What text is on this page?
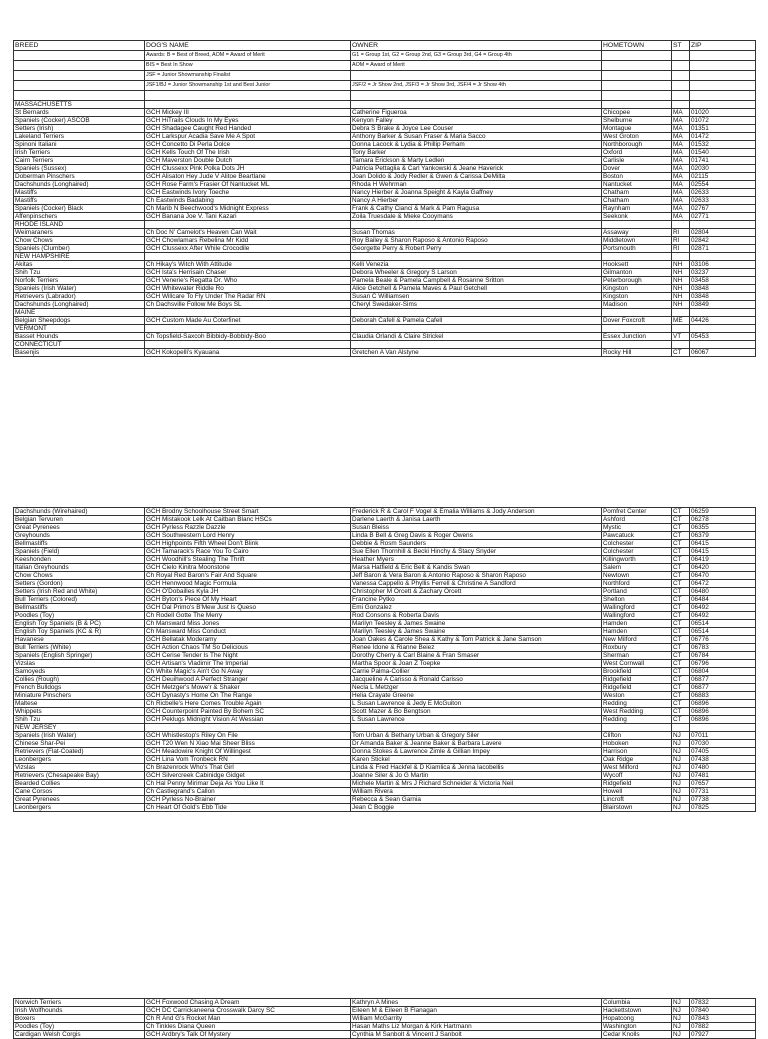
BREED	DOG'S NAME	OWNER	HOMETOWN	ST	ZIP
	Awards: B = Best of Breed, AOM = Award of Merit	G1 = Group 1st, G2 = Group 2nd, G3 = Group 3rd, G4 = Group 4th			
	BIS = Best In Show	AOM = Award of Merit			
	JSF = Junior Showmanship Finalist				
	JSF1/BJ = Junior Showmanship 1st and Best Junior	JSF/2 = Jr Show 2nd, JSF/3 = Jr Show 3rd, JSF/4 = Jr Show 4th			

MASSACHUSETTS					
St Bernards	GCH Mickey III	Catherine Figueroa	Chicopee	MA	01020
Spaniels (Cocker) ASCOB	GCH HiTrails Clouds In My Eyes	Kenyon Falley	Shelburne	MA	01072
Setters (Irish)	GCH Shadagee Caught Red Handed	Debra S Brake & Joyce Lee Couser	Montague	MA	01351
Lakeland Terriers	GCH Larkspur Acadia Save Me A Spot	Anthony Barker & Susan Fraser & Maria Sacco	West Groton	MA	01472
Spinoni Italiani	GCH Concetto Di Perla Dolce	Donna Lacock & Lydia & Phillip Perham	Northborough	MA	01532
Irish Terriers	GCH Kells Touch Of The Irish	Tony Barker	Oxford	MA	01540
Cairn Terriers	GCH Maverston Double Dutch	Tamara Erickson & Marty Ledlen	Carlisle	MA	01741
Spaniels (Sussex)	GCH Clussexx Pink Polka Dots JH	Patricia Pettaglia & Carl Yankowski & Jeane Haverick	Dover	MA	02030
Doberman Pinschers	GCH Alisaton Hey Jude V Alitoe Beartlane	Joan Dolido & Jody Redler & Gwen & Carissa DeMilta	Boston	MA	02115
Dachshunds (Longhaired)	GCH Rose Farm's Frasier Of Nantucket ML	Rhoda H Wehrman	Nantucket	MA	02554
Mastiffs	GCH Eastwinds Ivory Toeche	Nancy Hierber & Joanna Speight & Kayla Gaffney	Chatham	MA	02633
Mastiffs	Ch Eastwinds Badabing	Nancy A Hierber	Chatham	MA	02633
Spaniels (Cocker) Black	Ch Marib N Beechwood's Midnight Express	Frank & Cathy Cianci & Mark & Pam Ragusa	Raynham	MA	02767
Affenpinschers	GCH Banana Joe V. Tani Kazari	Zoila Truesdale & Mieke Cooymans	Seekonk	MA	02771
RHODE ISLAND					
Weimaraners	Ch Doc N' Camelot's Heaven Can Wait	Susan Thomas	Assaway	RI	02804
Chow Chows	GCH Chowlamars Rebelina Mr Kidd	Roy Bailey & Sharon Raposo & Antonio Raposo	Middletown	RI	02842
Spaniels (Clumber)	GCH Clussexx After While Crocodile	Georgette Perry & Robert Perry	Portsmouth	RI	02871
NEW HAMPSHIRE					
Akitas	Ch Hikay's Witch With Attitude	Kelli Venezia	Hooksett	NH	03106
Shih Tzu	GCH Ista's Herrisain Chaser	Debora Wheeler & Gregory S Larson	Gilmanton	NH	03237
Norfolk Terriers	GCH Venerie's Regatta Dr. Who	Pamela Beale & Pamela Campbell & Rosanne Sritton	Peterborough	NH	03458
Spaniels (Irish Water)	GCH Whitewater Riddle Ro	Alice Getchell & Pamela Maves & Paul Getchell	Kingston	NH	03848
Retrievers (Labrador)	GCH Willcare To Fly Under The Radar RN	Susan C Williamsen	Kingston	NH	03848
Dachshunds (Longhaired)	Ch Dachsville Follow Me Boys SL	Cheryl Swedaker-Sims	Madison	NH	03849
MAINE					
Belgian Sheepdogs	GCH Custom Made Au Coterfinet	Deborah Cafell & Pamela Cafell	Dover Foxcroft	ME	04426
VERMONT					
Basset Hounds	Ch Topsfield-Saxcoh Bibbidy-Bobbidy-Boo	Claudia Orlandi & Claire Strickel	Essex Junction	VT	05453
CONNECTICUT					
Basenjis	GCH Kokopelli's Kyauana	Gretchen A Van Alstyne	Rocky Hill	CT	06067
Dachshunds (Wirehaired)	GCH Brodny Schoolhouse Street Smart	Frederick R & Carol F Vogel & Emalia Williams & Jody Anderson	Pomfret Center	CT	06259
Belgian Tervuren	GCH Mistakook Lelk At Caitban Blanc HSCs	Darlene Laerth & Janisa Laerth	Ashford	CT	06278
Great Pyrenees	GCH Pyrless Razzle Dazzle	Susan Bleiss	Mystic	CT	06355
Greyhounds	GCH Southwestern Lord Henry	Linda B Bell & Greg Davis & Roger Owens	Pawcatuck	CT	06379
Bellmastiffs	GCH Highpoints Fifth Wheel Don't Blink	Debbie & Rosm Saunders	Colchester	CT	06415
Spaniels (Field)	GCH Tamarack's Race You To Cairo	Sue Ellen Thornhill & Becki Hinchy & Stacy Snyder	Colchester	CT	06415
Keeshonden	GCH Woodhill's Stealing The Thrift	Heather Myers	Killingworth	CT	06419
Italian Greyhounds	GCH Cielo Kinitra Moonstone	Marsa Hatfield & Eric Belt & Kandis Swan	Salem	CT	06420
Chow Chows	Ch Royal Red Baron's Fair And Square	Jeff Baron & Vera Baron & Antonio Raposo & Sharon Raposo	Newtown	CT	06470
Setters (Gordon)	GCH Hennwood Magic Formula	Vanessa Cappello & Phyllis Ferrell & Christine A Sandford	Northford	CT	06472
Setters (Irish Red and White)	GCH O'Dobailles Kyla JH	Christopher M Orcett & Zachary Orcett	Portland	CT	06480
Bull Terriers (Colored)	GCH Byton's Piece Of My Heart	Francine Pytko	Shelton	CT	06484
Bellmastiffs	GCH Dal Primo's B'Mew Just Is Queso	Emi Gonzalez	Wallingford	CT	06492
Poodles (Toy)	Ch Rodell Gotte The Merry	Rod Consons & Roberta Davis	Wallingford	CT	06492
English Toy Spaniels (B & PC)	Ch Mansward Miss Jones	Marilyn Teesley & James Swaine	Hamden	CT	06514
English Toy Spaniels (KC & R)	Ch Mansward Miss Conduct	Marilyn Teesley & James Swaine	Hamden	CT	06514
Havanese	GCH Bellatak Moderamy	Joan Oakes & Carole Shea & Kathy & Tom Patrick & Jane Samson	New Milford	CT	06776
Bull Terriers (White)	GCH Action Chaos TM So Delicious	Renee Idone & Rianne Beiez	Roxbury	CT	06783
Spaniels (English Springer)	GCH Cerise Tender Is The Night	Dorothy Cherry & Carl Blaine & Fran Smaser	Sherman	CT	06784
Vizslas	GCH Artisan's Vladimir The Imperial	Martha Spoor & Joan Z Toepke	West Cornwall	CT	06796
Samoyeds	Ch White Magic's Ain't Go N Away	Carrie Palma-Collier	Brookfield	CT	06804
Collies (Rough)	GCH Deuihwood A Perfect Stranger	Jacqueline A Carisso & Ronald Carisso	Ridgefield	CT	06877
French Bulldogs	GCH Metzger's Mowe'r & Shaker	Necla L Metzger	Ridgefield	CT	06877
Miniature Pinschers	GCH Dynasty's Home On The Range	Helia Crayate Greene	Weston	CT	06883
Maltese	Ch Ricbelle's Here Comes Trouble Again	L Susan Lawrence & Jedy E McGuiton	Redding	CT	06896
Whippets	GCH Counterpoint Painted By Bohem SC	Scott Mazer & Bo Bengtson	West Redding	CT	06896
Shih Tzu	GCH Peklugs Midnight Vision At Wessian	L Susan Lawrence	Redding	CT	06896
NEW JERSEY					
Spaniels (Irish Water)	GCH Whistlestop's Riley On File	Tom Urban & Bethany Urban & Gregory Siler	Clifton	NJ	07011
Chinese Shar-Pei	GCH T20 Wen N Xiao Mai Sheer Bliss	Dr Amanda Baker & Jeanne Baker & Barbara Lavere	Hoboken	NJ	07030
Retrievers (Flat-Coated)	GCH Meadowire Knight Of Willingest	Donna Stokes & Lawrence Zimle & Gillian Impey	Harrison	NJ	07405
Leonbergers	GCH Lina Vom Tronbeck RN	Karen Stickel	Oak Ridge	NJ	07438
Vizslas	Ch Brazenrock Who's That Girl	Linda & Fred Hackfel & D Kiamlica & Jenna Iacobellis	West Milford	NJ	07480
Retrievers (Chesapeake Bay)	GCH Silvercreek Cabinidge Gidget	Joanne Siler & Jo G Martin	Wycoff	NJ	07481
Bearded Collies	Ch Hal Penny Mirimar Deja As You Like It	Michele Martin & Mrs J Richard Schneider & Victoria Neil	Ridgefield	NJ	07657
Cane Corsos	Ch Castlegrand's Callon	William Rivera	Howell	NJ	07731
Great Pyrenees	GCH Pyrless No-Brainer	Rebecca & Sean Garnia	Lincroft	NJ	07738
Leonbergers	Ch Heart Of Gold's Ebb Tide	Jean C Boggie	Blairstown	NJ	07825
Norwich Terriers	GCH Foxwood Chasing A Dream	Kathryn A Mines	Columbia	NJ	07832
Irish Wolfhounds	GCH DC Carrickaneena Crosswalk Darcy SC	Eileen M & Eileen B Flanagan	Hackettstown	NJ	07840
Boxers	Ch R And G's Rocket Man	William McGarrity	Hopatcong	NJ	07843
Poodles (Toy)	Ch Tinkles Diana Queen	Hasan Maths Liz Morgan & Kirk Hartmann	Washington	NJ	07882
Cardigan Welsh Corgis	GCH Ardbry's Talk Of Mystery	Cynthia M Sanbolt & Vincent J Sanbolt	Cedar Knolls	NJ	07927
